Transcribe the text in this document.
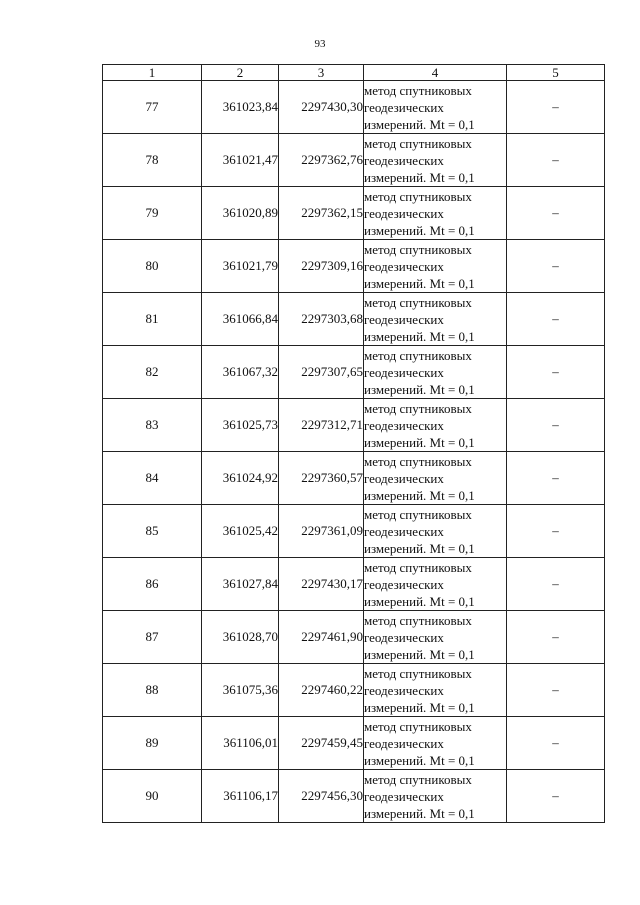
93
1	2	3	4	5
77	361023,84	2297430,30	метод спутниковых
геодезических
измерений. Mt = 0,1	–
78	361021,47	2297362,76	метод спутниковых
геодезических
измерений. Mt = 0,1	–
79	361020,89	2297362,15	метод спутниковых
геодезических
измерений. Mt = 0,1	–
80	361021,79	2297309,16	метод спутниковых
геодезических
измерений. Mt = 0,1	–
81	361066,84	2297303,68	метод спутниковых
геодезических
измерений. Mt = 0,1	–
82	361067,32	2297307,65	метод спутниковых
геодезических
измерений. Mt = 0,1	–
83	361025,73	2297312,71	метод спутниковых
геодезических
измерений. Mt = 0,1	–
84	361024,92	2297360,57	метод спутниковых
геодезических
измерений. Mt = 0,1	–
85	361025,42	2297361,09	метод спутниковых
геодезических
измерений. Mt = 0,1	–
86	361027,84	2297430,17	метод спутниковых
геодезических
измерений. Mt = 0,1	–
87	361028,70	2297461,90	метод спутниковых
геодезических
измерений. Mt = 0,1	–
88	361075,36	2297460,22	метод спутниковых
геодезических
измерений. Mt = 0,1	–
89	361106,01	2297459,45	метод спутниковых
геодезических
измерений. Mt = 0,1	–
90	361106,17	2297456,30	метод спутниковых
геодезических
измерений. Mt = 0,1	–
